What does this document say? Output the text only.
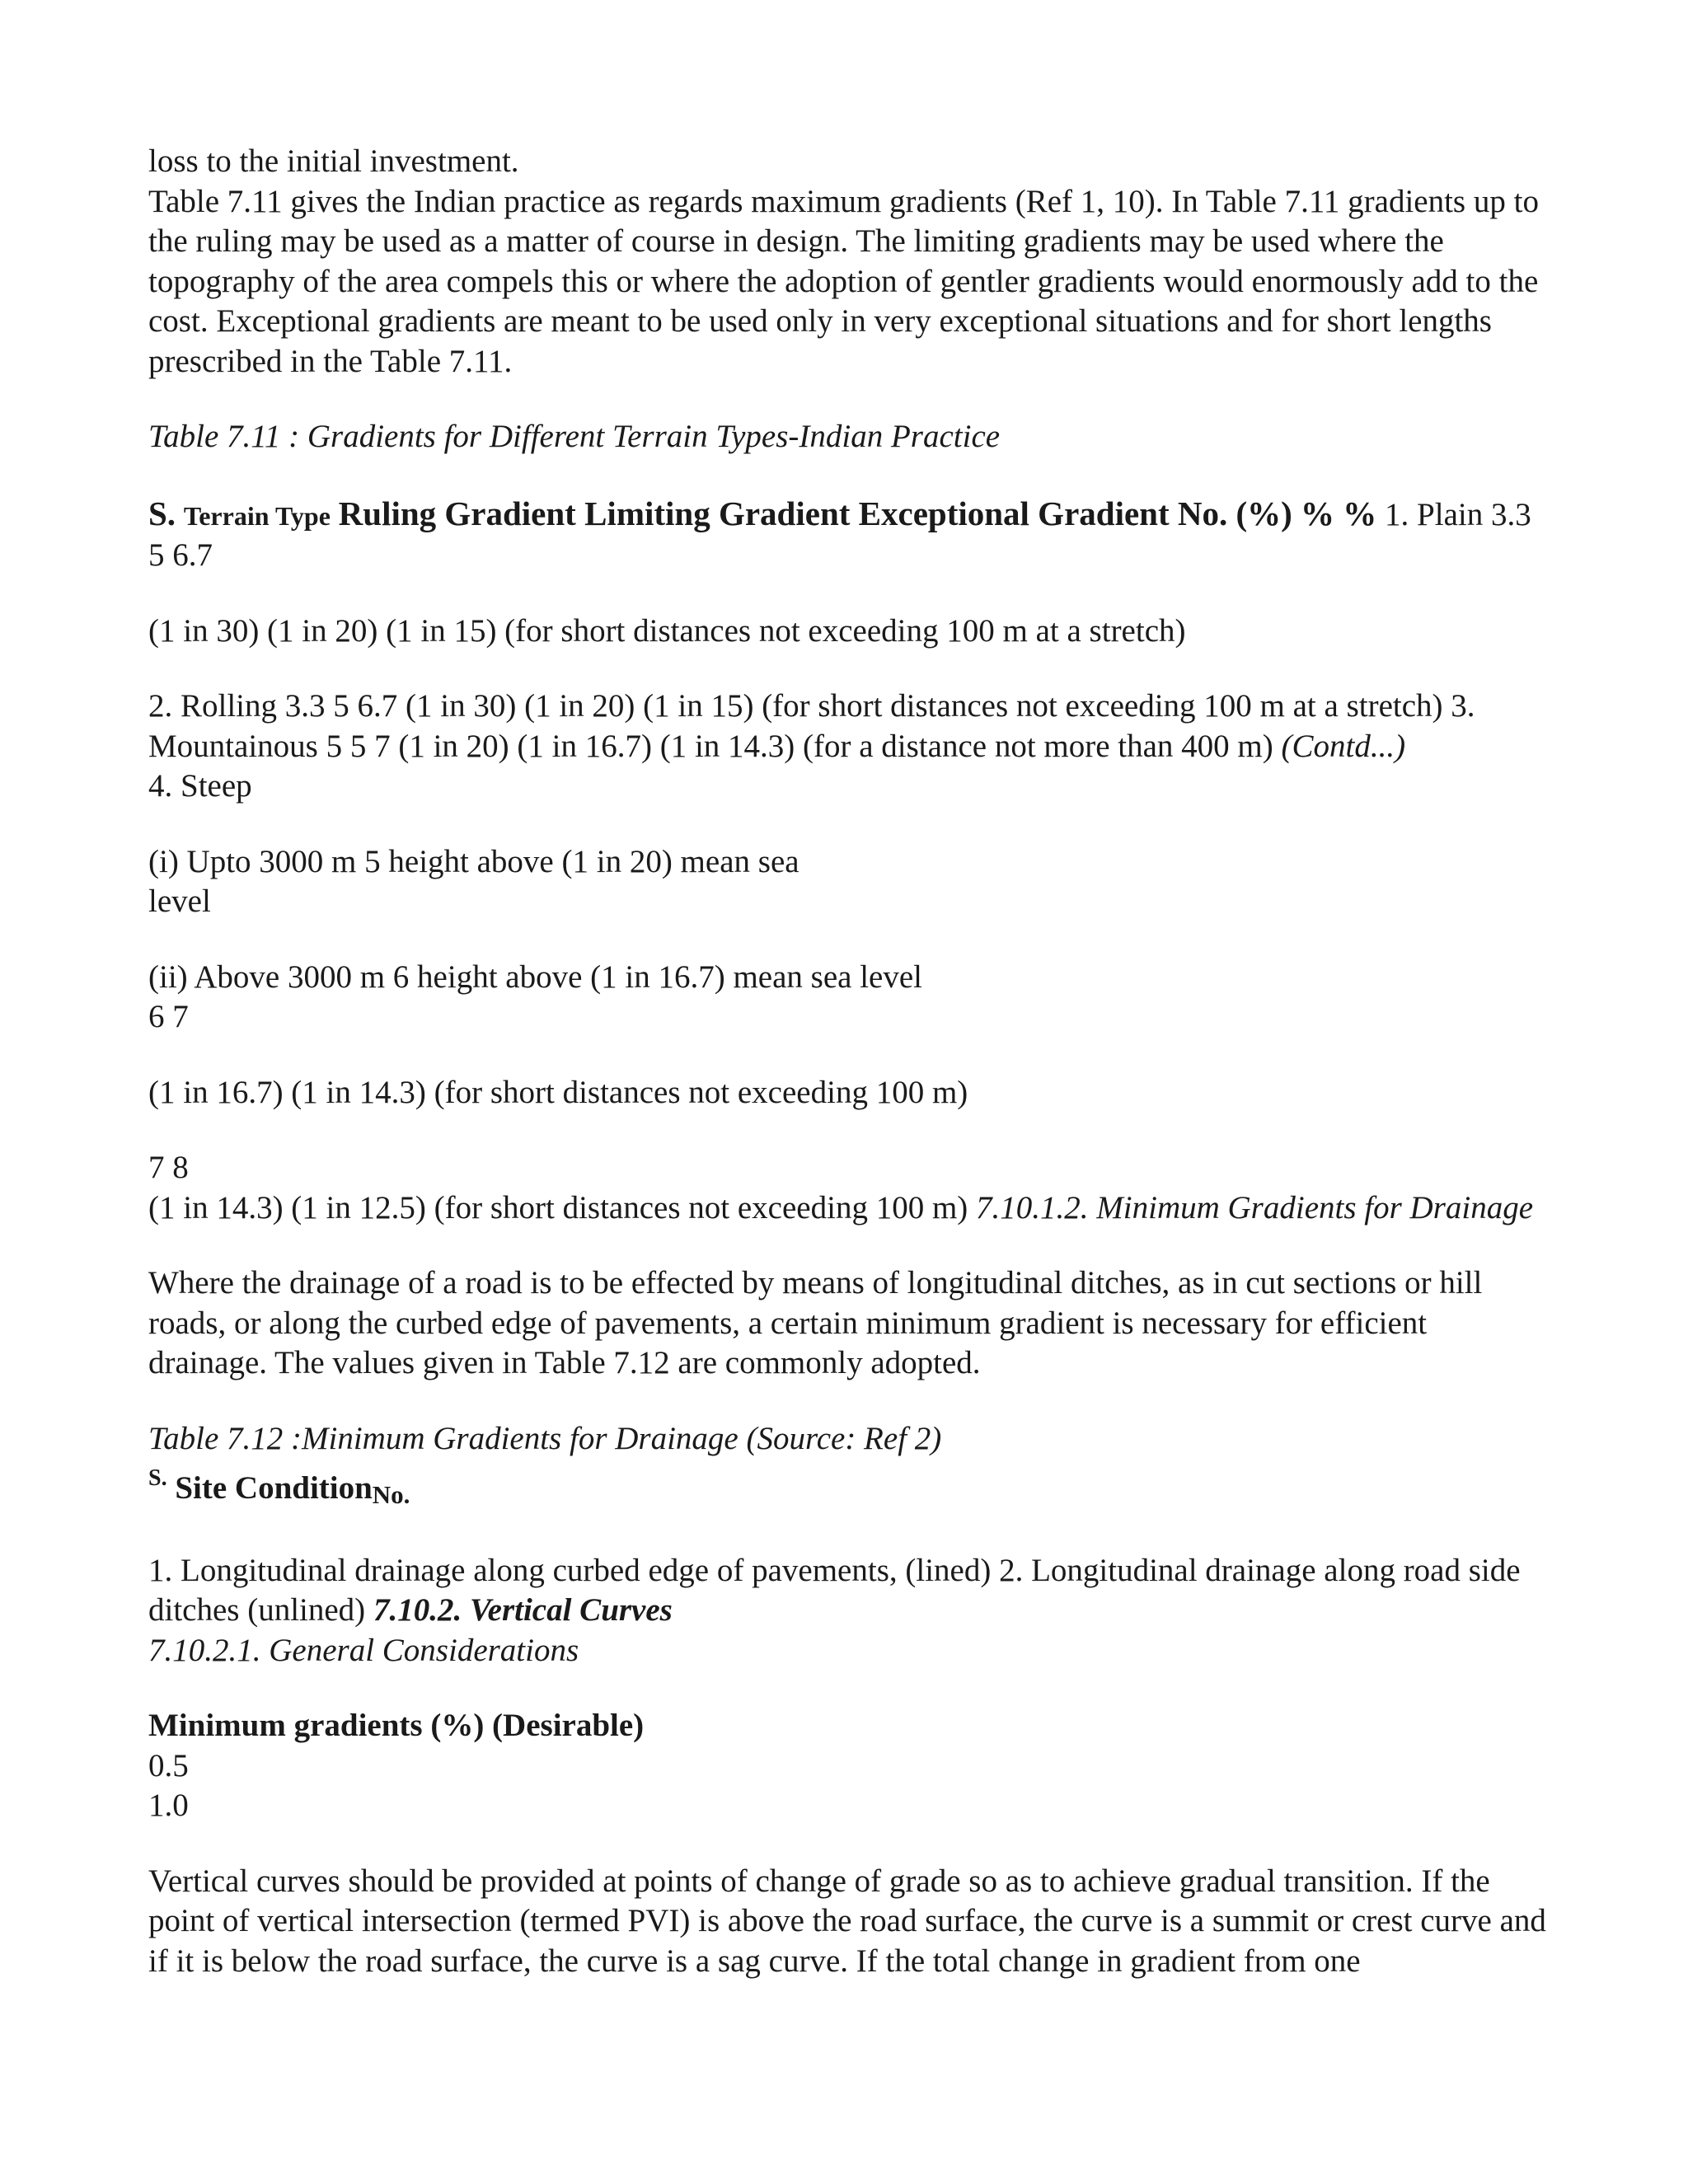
loss to the initial investment.
Table 7.11 gives the Indian practice as regards maximum gradients (Ref 1, 10). In Table 7.11 gradients up to the ruling may be used as a matter of course in design. The limiting gradients may be used where the topography of the area compels this or where the adoption of gentler gradients would enormously add to the cost. Exceptional gradients are meant to be used only in very exceptional situations and for short lengths prescribed in the Table 7.11.

Table 7.11 : Gradients for Different Terrain Types-Indian Practice

S. Terrain Type Ruling Gradient Limiting Gradient Exceptional Gradient No. (%) % % 1. Plain 3.3
5 6.7

(1 in 30) (1 in 20) (1 in 15) (for short distances not exceeding 100 m at a stretch)

2. Rolling 3.3 5 6.7 (1 in 30) (1 in 20) (1 in 15) (for short distances not exceeding 100 m at a stretch) 3. Mountainous 5 5 7 (1 in 20) (1 in 16.7) (1 in 14.3) (for a distance not more than 400 m) (Contd...)
4. Steep

(i) Upto 3000 m 5 height above (1 in 20) mean sea
level

(ii) Above 3000 m 6 height above (1 in 16.7) mean sea level
6 7

(1 in 16.7) (1 in 14.3) (for short distances not exceeding 100 m)

7 8
(1 in 14.3) (1 in 12.5) (for short distances not exceeding 100 m) 7.10.1.2. Minimum Gradients for Drainage

Where the drainage of a road is to be effected by means of longitudinal ditches, as in cut sections or hill roads, or along the curbed edge of pavements, a certain minimum gradient is necessary for efficient drainage. The values given in Table 7.12 are commonly adopted.

Table 7.12 :Minimum Gradients for Drainage (Source: Ref 2)
$^{S.}$ Site ConditionNo.

1. Longitudinal drainage along curbed edge of pavements, (lined) 2. Longitudinal drainage along road side ditches (unlined) 7.10.2. Vertical Curves
7.10.2.1. General Considerations

Minimum gradients (%) (Desirable)
0.5
1.0

Vertical curves should be provided at points of change of grade so as to achieve gradual transition. If the point of vertical intersection (termed PVI) is above the road surface, the curve is a summit or crest curve and if it is below the road surface, the curve is a sag curve. If the total change in gradient from one
